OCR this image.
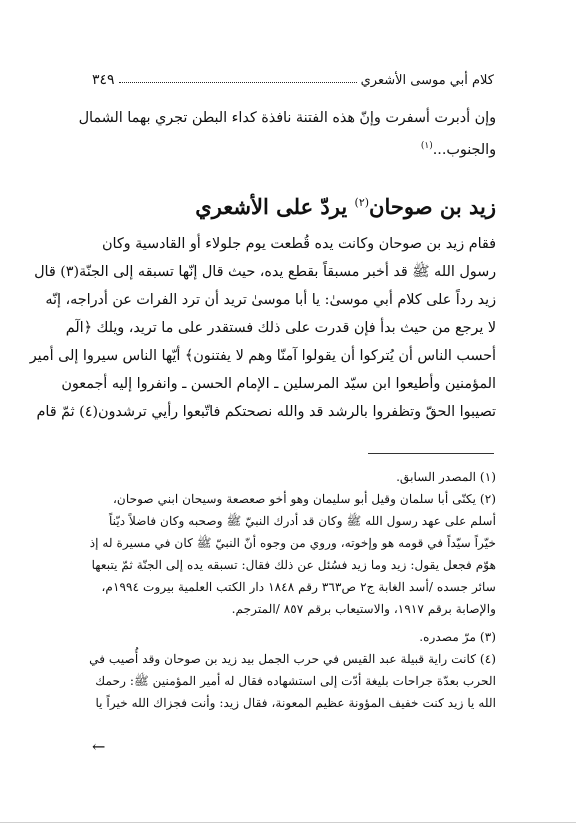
كلام أبي موسى الأشعري
٣٤٩

وإن أدبرت أسفرت وإنّ هذه الفتنة نافذة كداء البطن تجري بهما الشمال

والجنوب...$^{(١)}$

زيد بن صوحان$^{(٢)}$ يردّ على الأشعري

فقام زيد بن صوحان وكانت يده قُطعت يوم جلولاء أو القادسية وكان

رسول الله ﷺ قد أخبر مسبقاً بقطع يده، حيث قال إنّها تسبقه إلى الجنّة(٣) قال

زيد رداً على كلام أبي موسىٰ: يا أبا موسىٰ تريد أن ترد الفرات عن أدراجه، إنّه

لا يرجع من حيث بدأ فإن قدرت على ذلك فستقدر على ما تريد، ويلك ﴿الٓم

أحسب الناس أن يُتركوا أن يقولوا آمنّا وهم لا يفتنون﴾ أيّها الناس سيروا إلى أمير

المؤمنين وأطيعوا ابن سيّد المرسلين ـ الإمام الحسن ـ وانفروا إليه أجمعون

تصيبوا الحقّ وتظفروا بالرشد قد والله نصحتكم فاتّبعوا رأيي ترشدون(٤) ثمّ قام

(١) المصدر السابق.

(٢) يكنّى أبا سلمان وقيل أبو سليمان وهو أخو صعصعة وسيحان ابني صوحان،

أسلم على عهد رسول الله ﷺ وكان قد أدرك النبيّ ﷺ وصحبه وكان فاضلاً ديّناً

خيّراً سيّداً في قومه هو وإخوته، وروي من وجوه أنّ النبيّ ﷺ كان في مسيرة له إذ

هوّم فجعل يقول: زيد وما زيد فسُئل عن ذلك فقال: تسبقه يده إلى الجنّة ثمّ يتبعها

سائر جسده /أسد الغابة ج٢ ص٣٦٣ رقم ١٨٤٨ دار الكتب العلمية بيروت ١٩٩٤م،

والإصابة برقم ١٩١٧، والاستيعاب برقم ٨٥٧ /المترجم.

(٣) مرّ مصدره.

(٤) كانت راية قبيلة عبد القيس في حرب الجمل بيد زيد بن صوحان وقد أُصيب في

الحرب بعدّة جراحات بليغة أدّت إلى استشهاده فقال له أمير المؤمنين ﷺ: رحمك

الله يا زيد كنت خفيف المؤونة عظيم المعونة، فقال زيد: وأنت فجزاك الله خيراً يا

←
